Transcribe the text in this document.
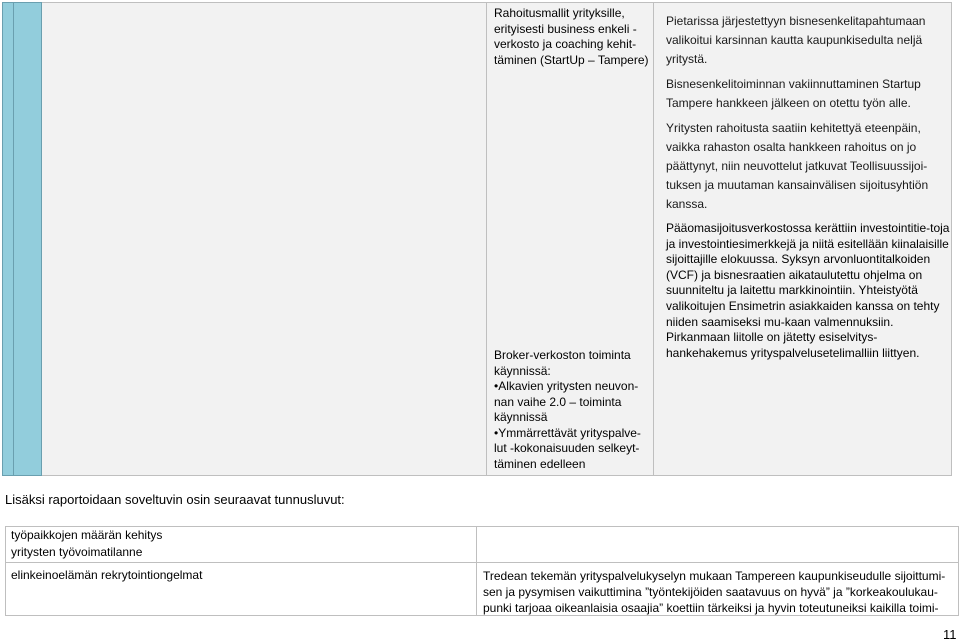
Rahoitusmallit yrityksille, erityisesti business enkeli -verkosto ja coaching kehit-täminen (StartUp – Tampere)
Broker-verkoston toiminta käynnissä:
• Alkavien yritysten neuvon-nan vaihe 2.0 – toiminta käynnissä
• Ymmärrettävät yrityspalve-lut -kokonaisuuden selkeyt-täminen edelleen
Pietarissa järjestettyyn bisnesenkelitapahtumaan valikoitui karsinnan kautta kaupunkisedulta neljä yritystä.
Bisnesenkelitoiminnan vakiinnuttaminen Startup Tampere hankkeen jälkeen on otettu työn alle.
Yritysten rahoitusta saatiin kehitettyä eteenpäin, vaikka rahaston osalta hankkeen rahoitus on jo päättynyt, niin neuvottelut jatkuvat Teollisuussijoi-tuksen ja muutaman kansainvälisen sijoitusyhtiön kanssa.
Pääomasijoitusverkostossa kerättiin investointitie-toja ja investointiesimerkkejä ja niitä esitellään kiinalaisille sijoittajille elokuussa. Syksyn arvonluontitalkoiden (VCF) ja bisnesraatien aikataulutettu ohjelma on suunniteltu ja laitettu markkinointiin. Yhteistyötä valikoitujen Ensimetrin asiakkaiden kanssa on tehty niiden saamiseksi mu-kaan valmennuksiin. Pirkanmaan liitolle on jätetty esiselvitys-hankehakemus yrityspalvelusetelimalliin liittyen.
Lisäksi raportoidaan soveltuvin osin seuraavat tunnusluvut:
työpaikkojen määrän kehitys
yritysten työvoimatilanne
elinkeinoelämän rekrytointiongelmat	Tredean tekemän yrityspalvelukyselyn mukaan Tampereen kaupunkiseudulle sijoittumi-sen ja pysymisen vaikuttimina ”työntekijöiden saatavuus on hyvä” ja ”korkeakoulukau-punki tarjoaa oikeanlaisia osaajia” koettiin tärkeiksi ja hyvin toteutuneiksi kaikilla toimi-
11
